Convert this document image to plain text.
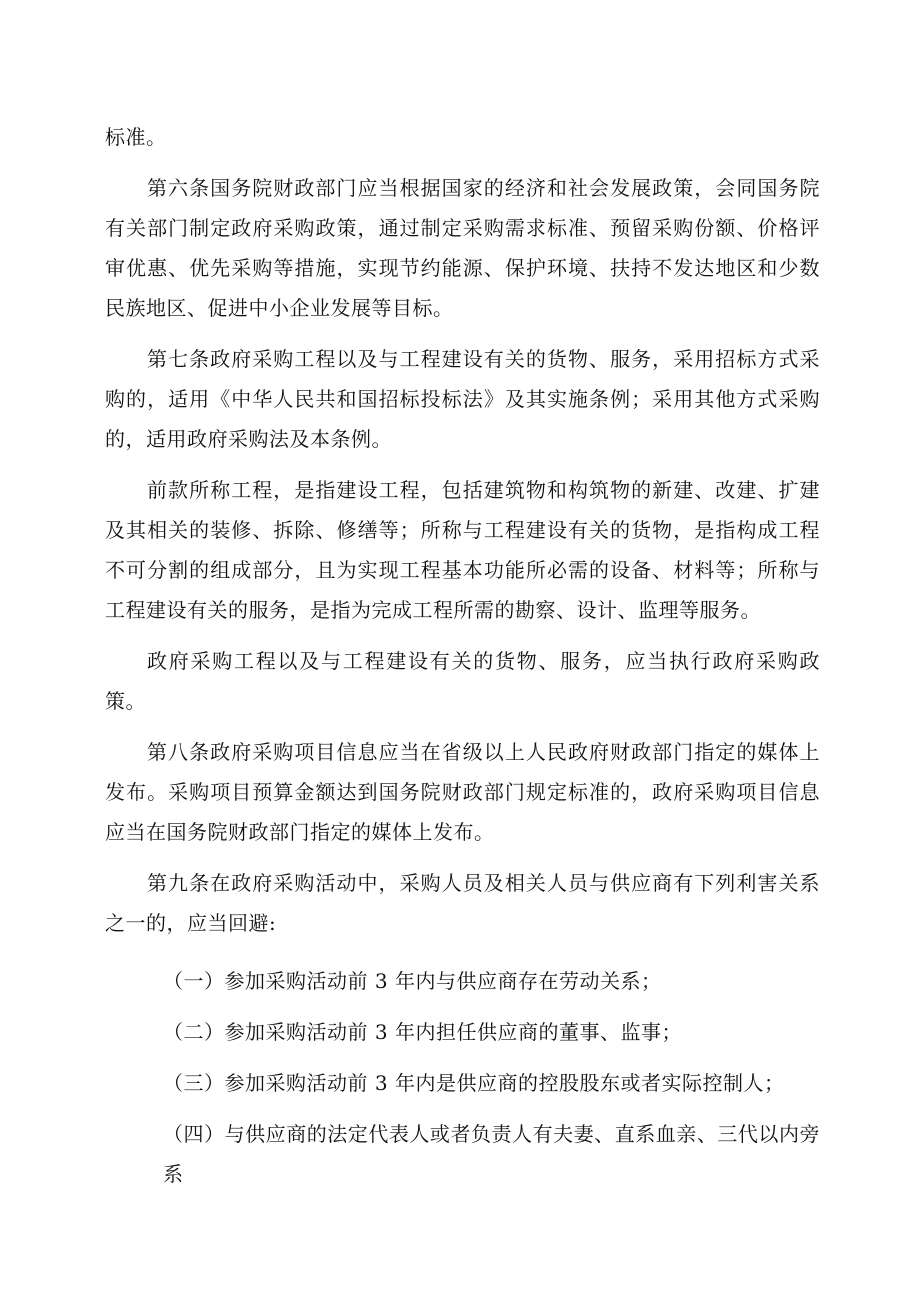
标准。

第六条国务院财政部门应当根据国家的经济和社会发展政策，会同国务院有关部门制定政府采购政策，通过制定采购需求标准、预留采购份额、价格评审优惠、优先采购等措施，实现节约能源、保护环境、扶持不发达地区和少数民族地区、促进中小企业发展等目标。

第七条政府采购工程以及与工程建设有关的货物、服务，采用招标方式采购的，适用《中华人民共和国招标投标法》及其实施条例；采用其他方式采购的，适用政府采购法及本条例。

前款所称工程，是指建设工程，包括建筑物和构筑物的新建、改建、扩建及其相关的装修、拆除、修缮等；所称与工程建设有关的货物，是指构成工程不可分割的组成部分，且为实现工程基本功能所必需的设备、材料等；所称与工程建设有关的服务，是指为完成工程所需的勘察、设计、监理等服务。

政府采购工程以及与工程建设有关的货物、服务，应当执行政府采购政策。

第八条政府采购项目信息应当在省级以上人民政府财政部门指定的媒体上发布。采购项目预算金额达到国务院财政部门规定标准的，政府采购项目信息应当在国务院财政部门指定的媒体上发布。

第九条在政府采购活动中，采购人员及相关人员与供应商有下列利害关系之一的，应当回避:

（一）参加采购活动前 3 年内与供应商存在劳动关系；

（二）参加采购活动前 3 年内担任供应商的董事、监事；

（三）参加采购活动前 3 年内是供应商的控股股东或者实际控制人；

（四）与供应商的法定代表人或者负责人有夫妻、直系血亲、三代以内旁系
